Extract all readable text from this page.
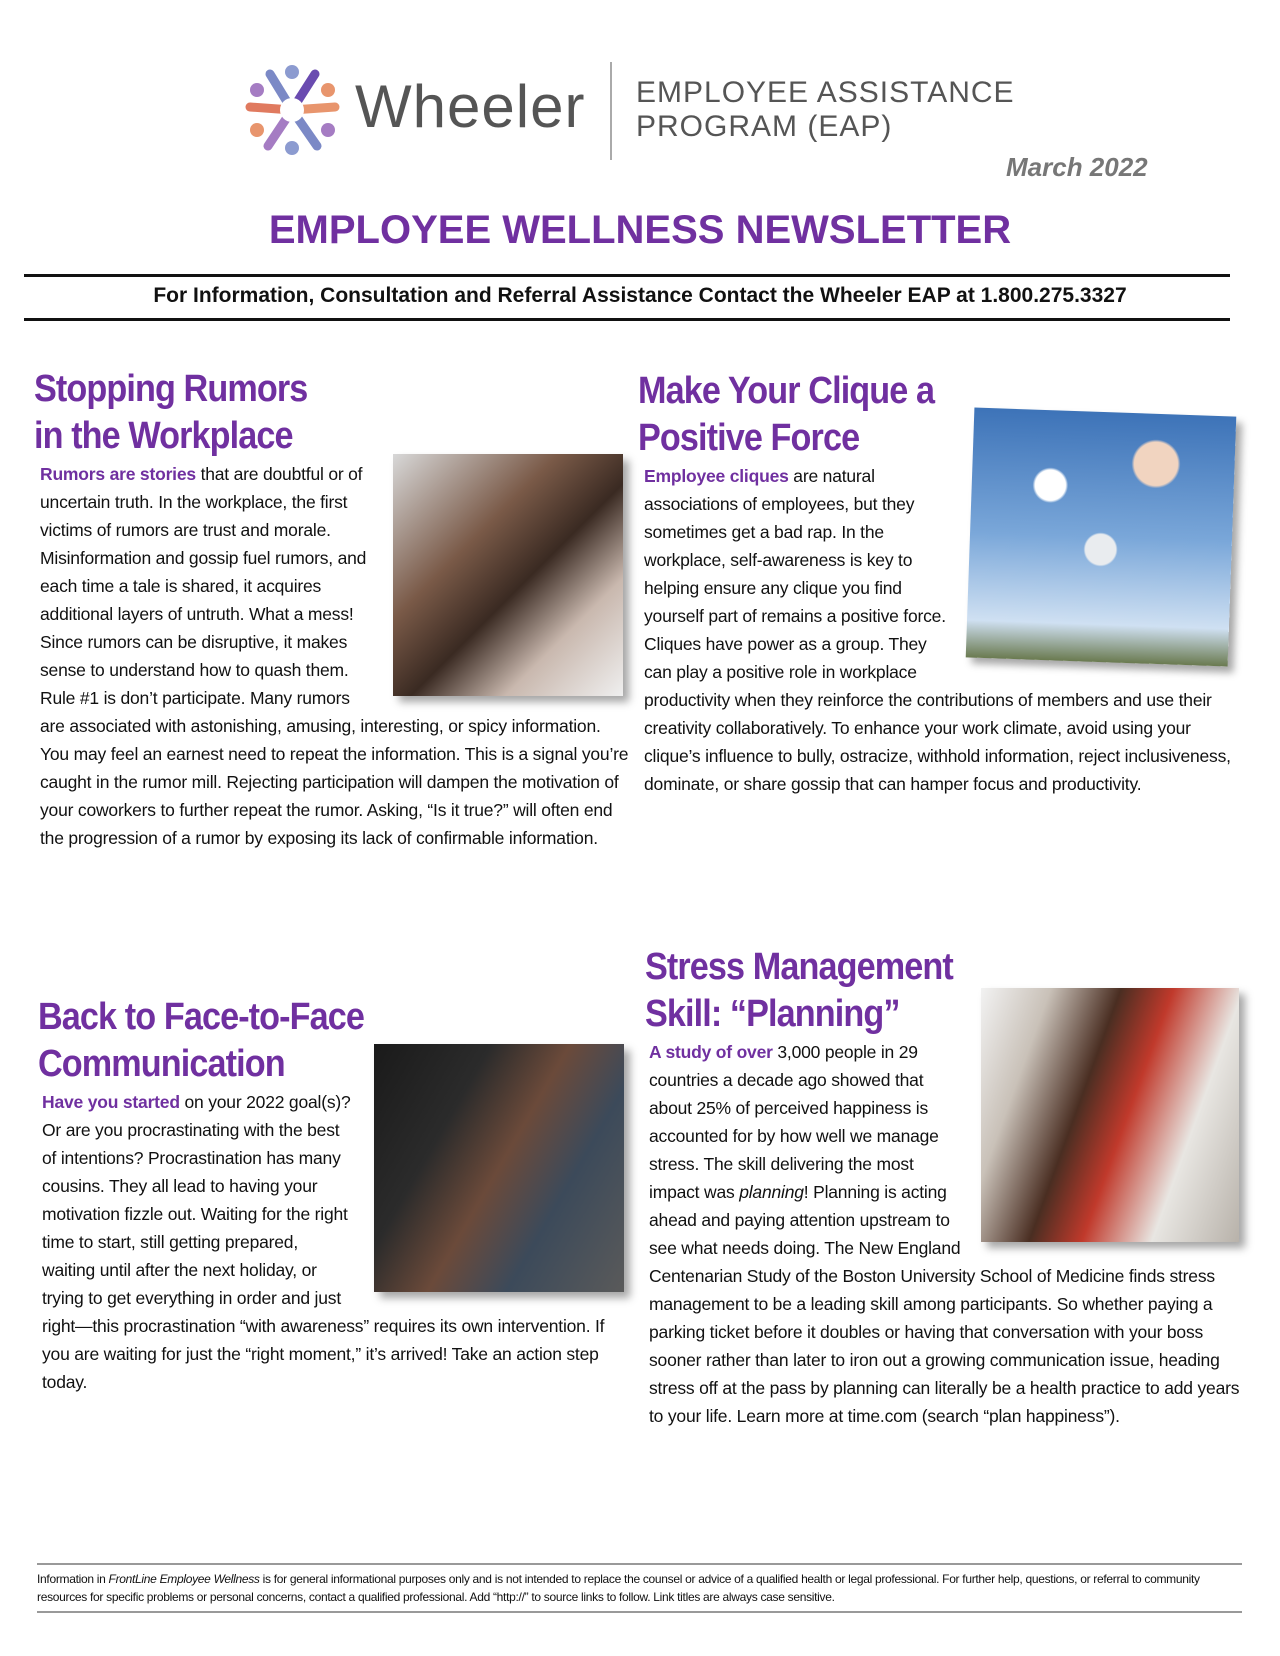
Wheeler EMPLOYEE ASSISTANCE
PROGRAM (EAP)
March 2022
EMPLOYEE WELLNESS NEWSLETTER
For Information, Consultation and Referral Assistance Contact the Wheeler EAP at 1.800.275.3327
Stopping Rumors
in the Workplace
Rumors are stories that are doubtful or of uncertain truth. In the workplace, the first victims of rumors are trust and morale. Misinformation and gossip fuel rumors, and each time a tale is shared, it acquires additional layers of untruth. What a mess! Since rumors can be disruptive, it makes sense to understand how to quash them. Rule #1 is don’t participate. Many rumors are associated with astonishing, amusing, interesting, or spicy information. You may feel an earnest need to repeat the information. This is a signal you’re caught in the rumor mill. Rejecting participation will dampen the motivation of your coworkers to further repeat the rumor. Asking, “Is it true?” will often end the progression of a rumor by exposing its lack of confirmable information.
Back to Face-to-Face
Communication
Have you started on your 2022 goal(s)? Or are you procrastinating with the best of intentions? Procrastination has many cousins. They all lead to having your motivation fizzle out. Waiting for the right time to start, still getting prepared, waiting until after the next holiday, or trying to get everything in order and just right—this procrastination “with awareness” requires its own intervention. If you are waiting for just the “right moment,” it’s arrived! Take an action step today.
Make Your Clique a
Positive Force
Employee cliques are natural associations of employees, but they sometimes get a bad rap. In the workplace, self-awareness is key to helping ensure any clique you find yourself part of remains a positive force. Cliques have power as a group. They can play a positive role in workplace productivity when they reinforce the contributions of members and use their creativity collaboratively. To enhance your work climate, avoid using your clique’s influence to bully, ostracize, withhold information, reject inclusiveness, dominate, or share gossip that can hamper focus and productivity.
Stress Management
Skill: “Planning”
A study of over 3,000 people in 29 countries a decade ago showed that about 25% of perceived happiness is accounted for by how well we manage stress. The skill delivering the most impact was planning! Planning is acting ahead and paying attention upstream to see what needs doing. The New England Centenarian Study of the Boston University School of Medicine finds stress management to be a leading skill among participants. So whether paying a parking ticket before it doubles or having that conversation with your boss sooner rather than later to iron out a growing communication issue, heading stress off at the pass by planning can literally be a health practice to add years to your life. Learn more at time.com (search “plan happiness”).
Information in FrontLine Employee Wellness is for general informational purposes only and is not intended to replace the counsel or advice of a qualified health or legal professional. For further help, questions, or referral to community resources for specific problems or personal concerns, contact a qualified professional. Add “http://” to source links to follow. Link titles are always case sensitive.
